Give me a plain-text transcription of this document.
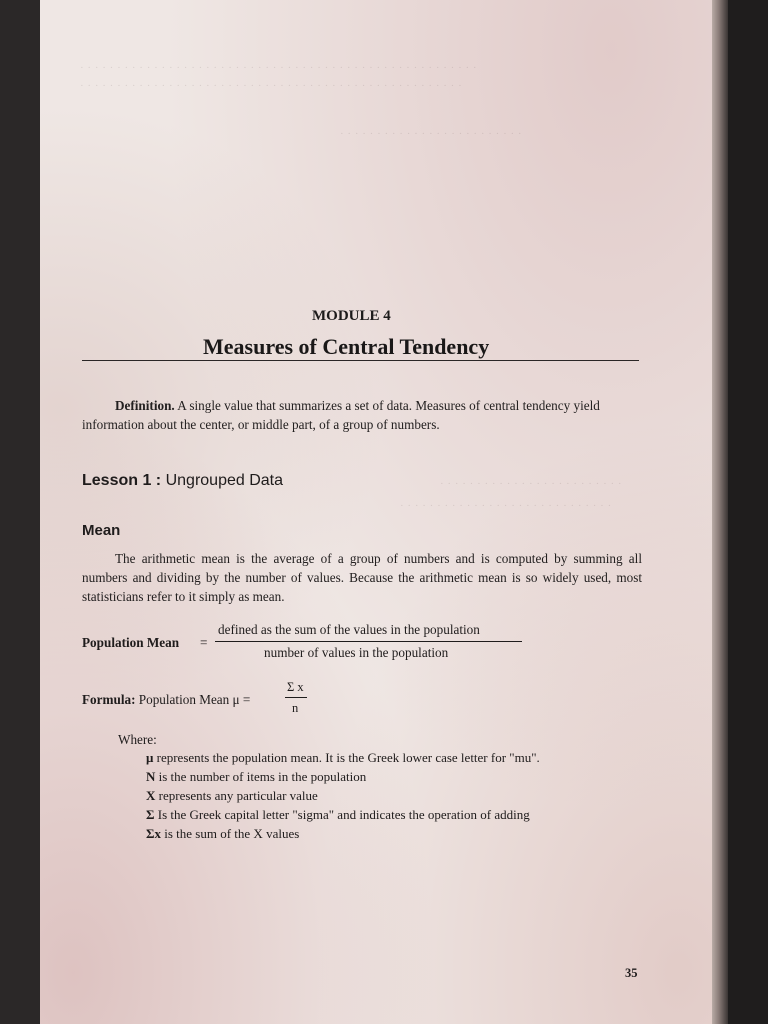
· · · · · · · · · · · · · · · · · · · · · · · · · · · · · · · · · · · · · · · · · · · · · · · · · · · · · ·
· · · · · · · · · · · · · · · · · · · · · · · · · · · · · · · · · · · · · · · · · · · · · · · · · · · ·
· · · · · · · · · · · · · · · · · · · · · · · · ·
· · · · · · · · · · · · · · · · · · · · · · · · ·
· · · · · · · · · · · · · · · · · · · · · · · · · · · · ·
MODULE 4
Measures of Central Tendency
Definition. A single value that summarizes a set of data. Measures of central tendency yield information about the center, or middle part, of a group of numbers.
Lesson 1 : Ungrouped Data
Mean
The arithmetic mean is the average of a group of numbers and is computed by summing all numbers and dividing by the number of values. Because the arithmetic mean is so widely used, most statisticians refer to it simply as mean.
Population Mean =
defined as the sum of the values in the population
number of values in the population
Formula: Population Mean μ =
Σ x
n
Where:
μ represents the population mean. It is the Greek lower case letter for "mu".
N is the number of items in the population
X represents any particular value
Σ Is the Greek capital letter "sigma" and indicates the operation of adding
Σx is the sum of the X values
35
